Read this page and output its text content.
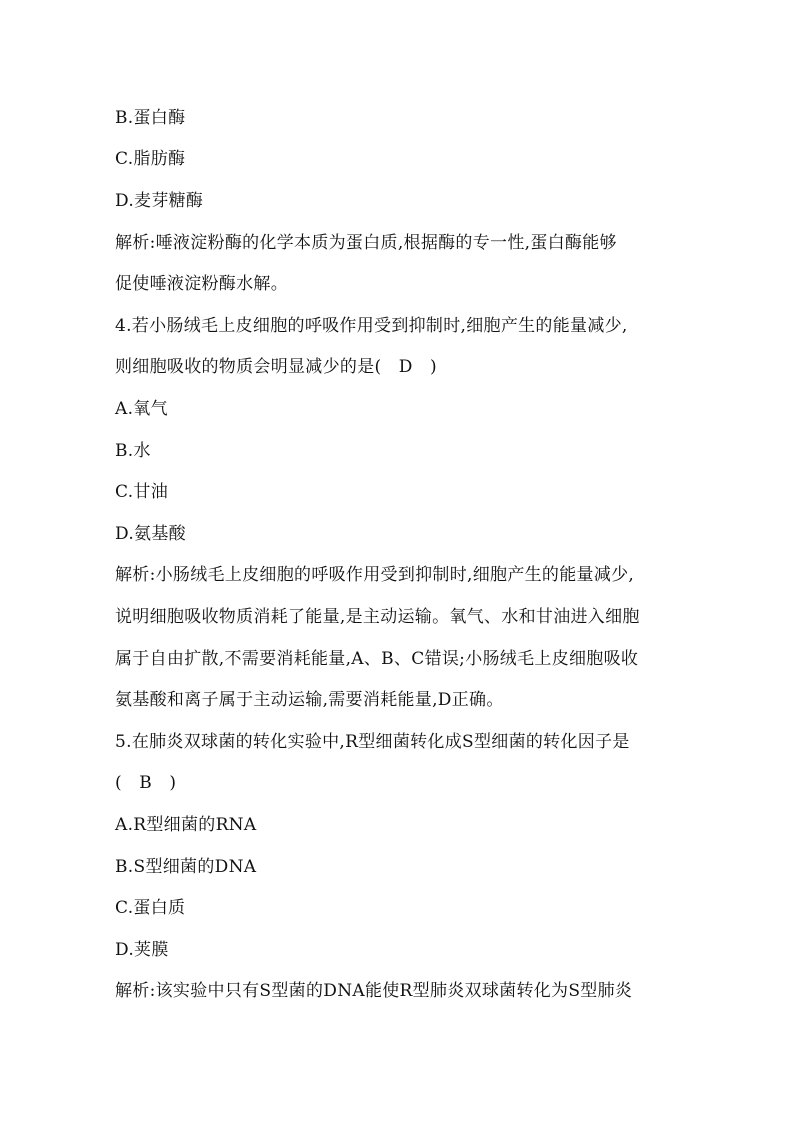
B.蛋白酶
C.脂肪酶
D.麦芽糖酶
解析:唾液淀粉酶的化学本质为蛋白质,根据酶的专一性,蛋白酶能够
促使唾液淀粉酶水解。
4.若小肠绒毛上皮细胞的呼吸作用受到抑制时,细胞产生的能量减少,
则细胞吸收的物质会明显减少的是(　D　)
A.氧气
B.水
C.甘油
D.氨基酸
解析:小肠绒毛上皮细胞的呼吸作用受到抑制时,细胞产生的能量减少,
说明细胞吸收物质消耗了能量,是主动运输。氧气、水和甘油进入细胞
属于自由扩散,不需要消耗能量,A、B、C错误;小肠绒毛上皮细胞吸收
氨基酸和离子属于主动运输,需要消耗能量,D正确。
5.在肺炎双球菌的转化实验中,R型细菌转化成S型细菌的转化因子是
(　B　)
A.R型细菌的RNA
B.S型细菌的DNA
C.蛋白质
D.荚膜
解析:该实验中只有S型菌的DNA能使R型肺炎双球菌转化为S型肺炎
